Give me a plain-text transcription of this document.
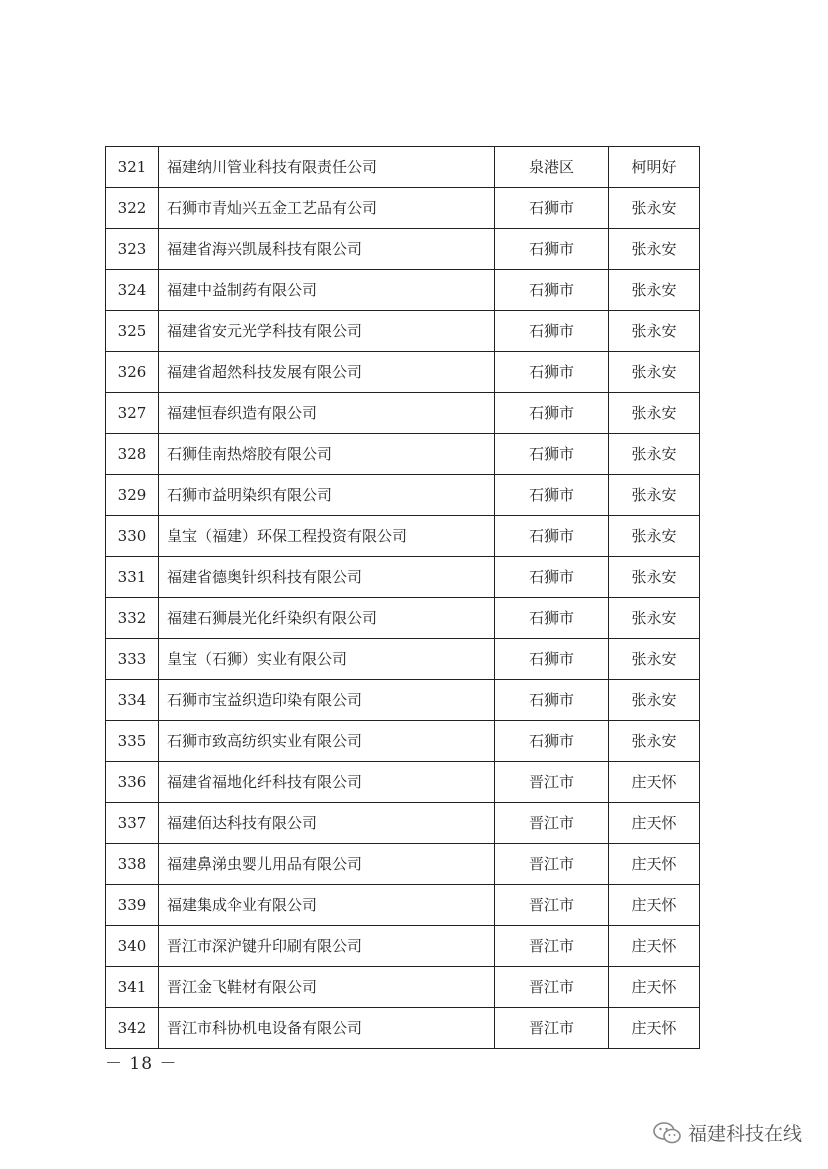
321	福建纳川管业科技有限责任公司	泉港区	柯明好
322	石狮市青灿兴五金工艺品有公司	石狮市	张永安
323	福建省海兴凯晟科技有限公司	石狮市	张永安
324	福建中益制药有限公司	石狮市	张永安
325	福建省安元光学科技有限公司	石狮市	张永安
326	福建省超然科技发展有限公司	石狮市	张永安
327	福建恒春织造有限公司	石狮市	张永安
328	石狮佳南热熔胶有限公司	石狮市	张永安
329	石狮市益明染织有限公司	石狮市	张永安
330	皇宝（福建）环保工程投资有限公司	石狮市	张永安
331	福建省德奥针织科技有限公司	石狮市	张永安
332	福建石狮晨光化纤染织有限公司	石狮市	张永安
333	皇宝（石狮）实业有限公司	石狮市	张永安
334	石狮市宝益织造印染有限公司	石狮市	张永安
335	石狮市致高纺织实业有限公司	石狮市	张永安
336	福建省福地化纤科技有限公司	晋江市	庄天怀
337	福建佰达科技有限公司	晋江市	庄天怀
338	福建鼻涕虫婴儿用品有限公司	晋江市	庄天怀
339	福建集成伞业有限公司	晋江市	庄天怀
340	晋江市深沪键升印刷有限公司	晋江市	庄天怀
341	晋江金飞鞋材有限公司	晋江市	庄天怀
342	晋江市科协机电设备有限公司	晋江市	庄天怀
－ 18 －
福建科技在线
